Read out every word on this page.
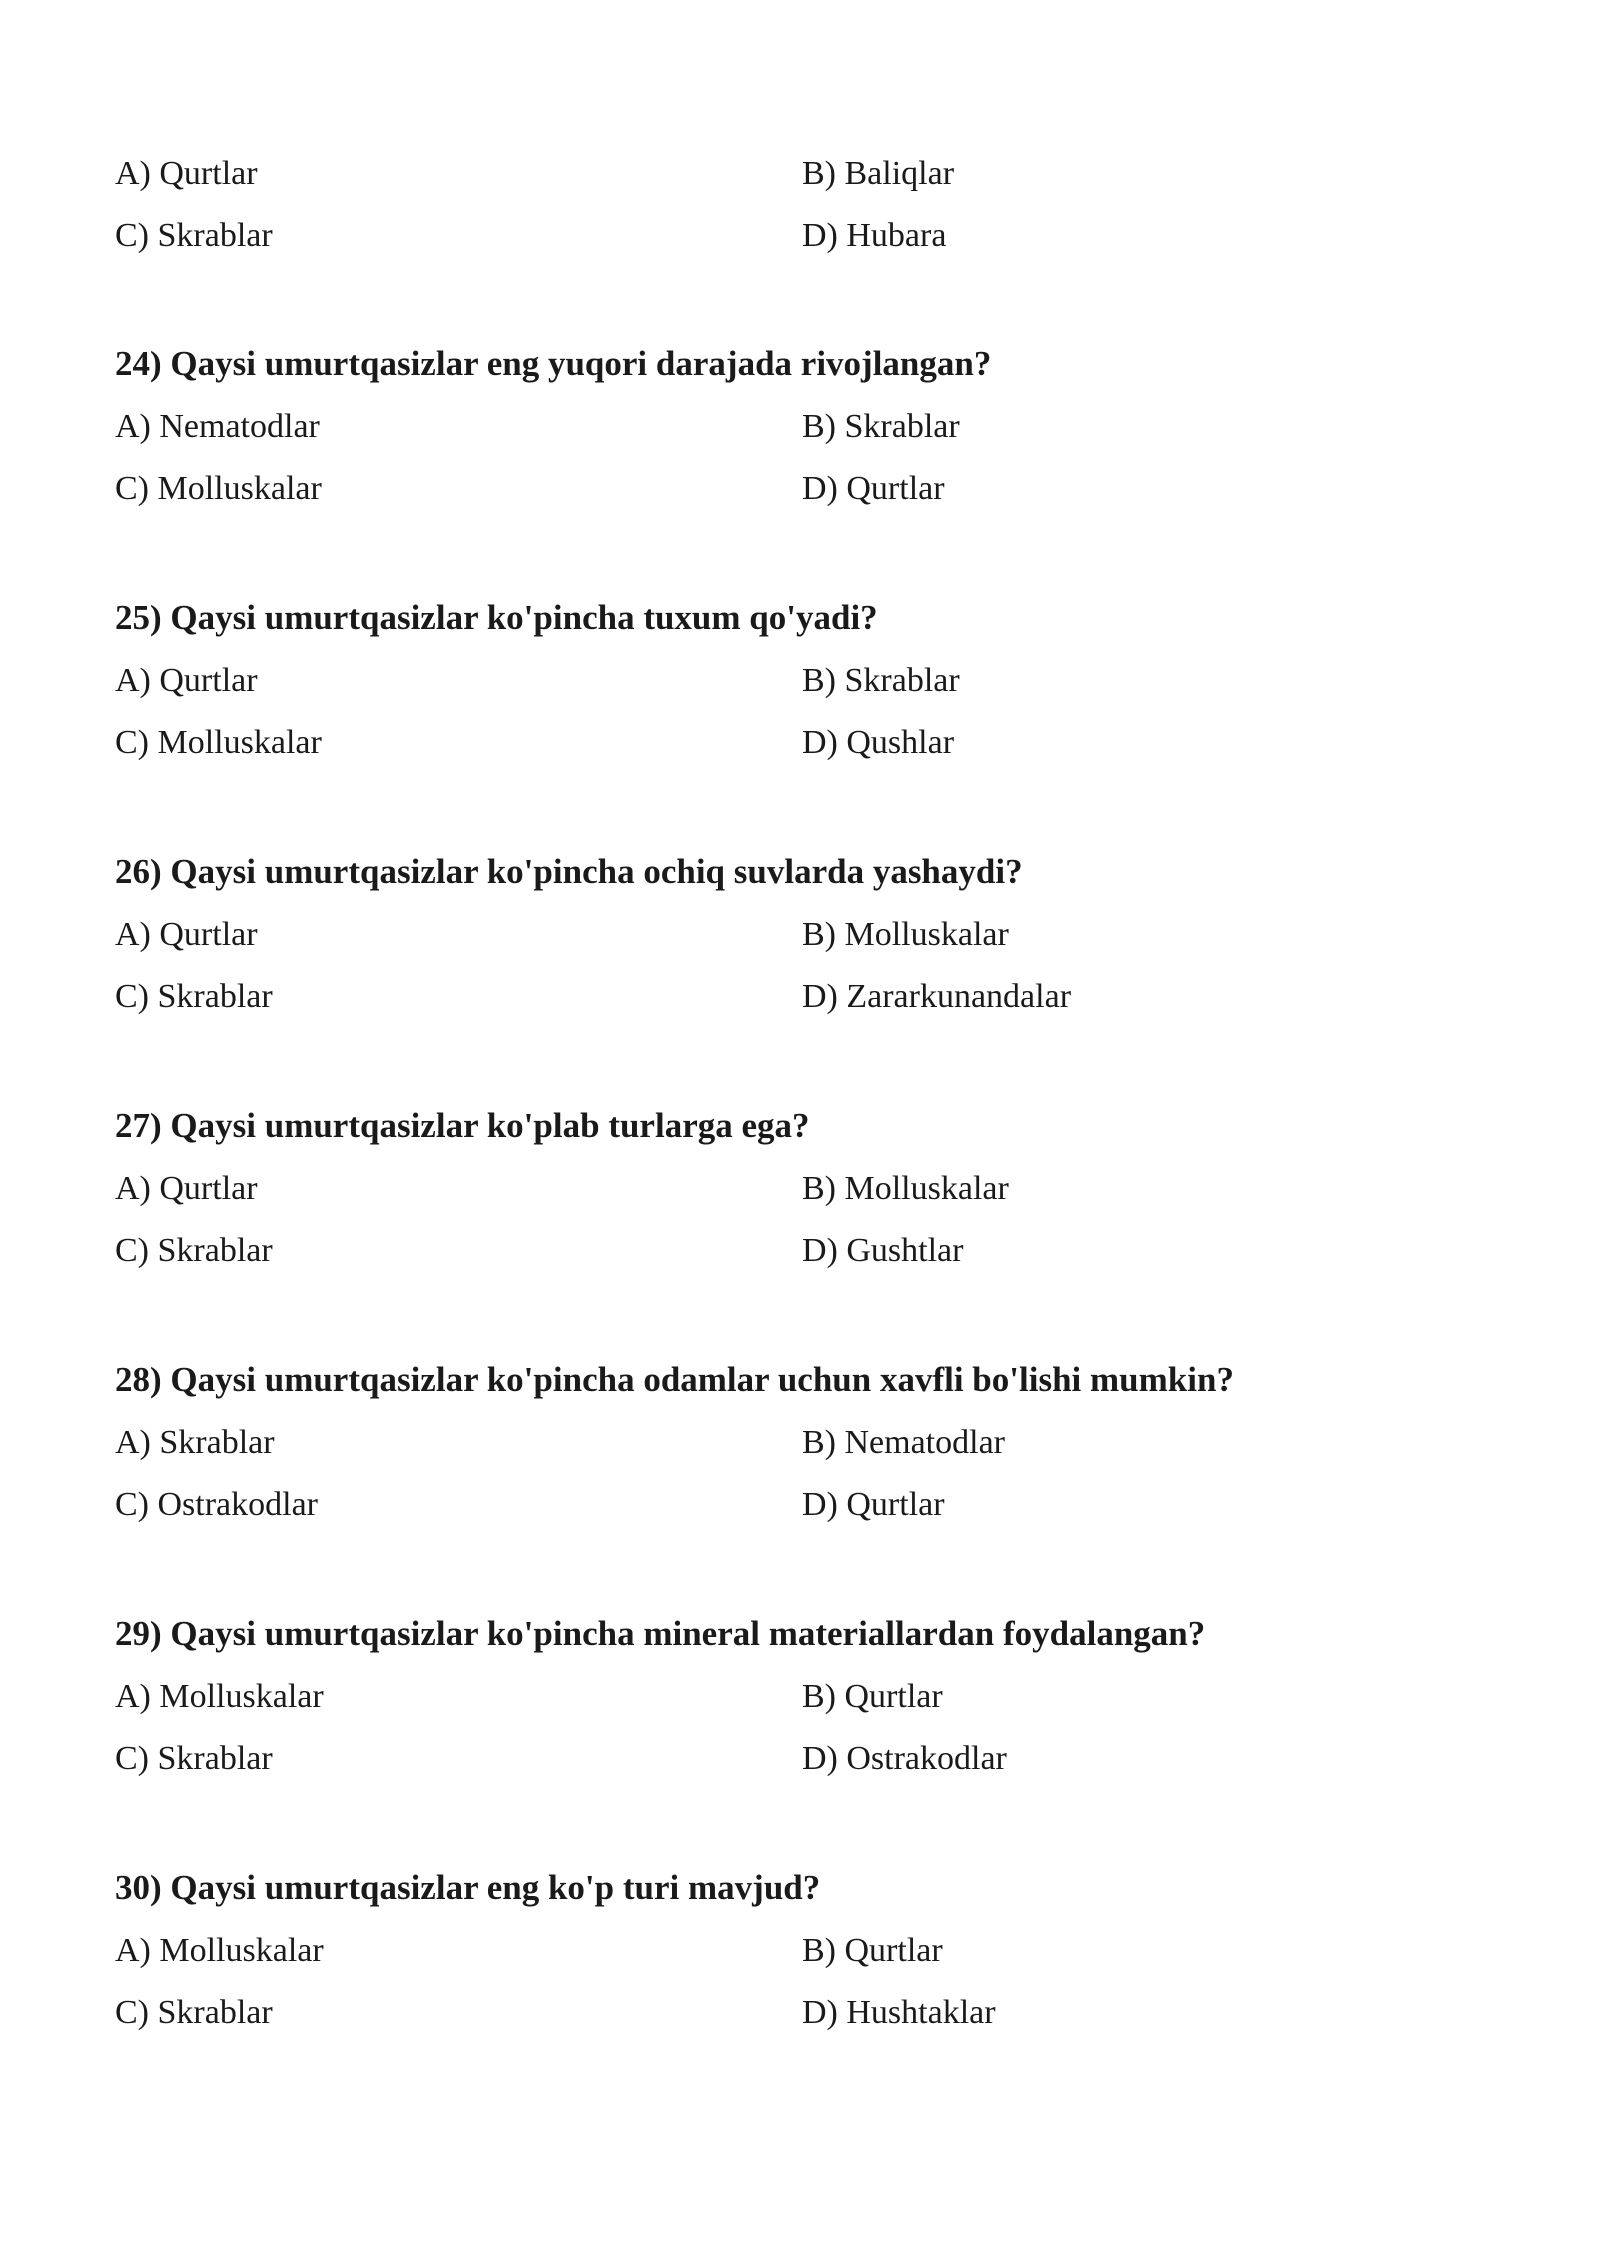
A) Qurtlar	B) Baliqlar
C) Skrablar	D) Hubara
24) Qaysi umurtqasizlar eng yuqori darajada rivojlangan?
A) Nematodlar	B) Skrablar
C) Molluskalar	D) Qurtlar
25) Qaysi umurtqasizlar ko'pincha tuxum qo'yadi?
A) Qurtlar	B) Skrablar
C) Molluskalar	D) Qushlar
26) Qaysi umurtqasizlar ko'pincha ochiq suvlarda yashaydi?
A) Qurtlar	B) Molluskalar
C) Skrablar	D) Zararkunandalar
27) Qaysi umurtqasizlar ko'plab turlarga ega?
A) Qurtlar	B) Molluskalar
C) Skrablar	D) Gushtlar
28) Qaysi umurtqasizlar ko'pincha odamlar uchun xavfli bo'lishi mumkin?
A) Skrablar	B) Nematodlar
C) Ostrakodlar	D) Qurtlar
29) Qaysi umurtqasizlar ko'pincha mineral materiallardan foydalangan?
A) Molluskalar	B) Qurtlar
C) Skrablar	D) Ostrakodlar
30) Qaysi umurtqasizlar eng ko'p turi mavjud?
A) Molluskalar	B) Qurtlar
C) Skrablar	D) Hushtaklar
